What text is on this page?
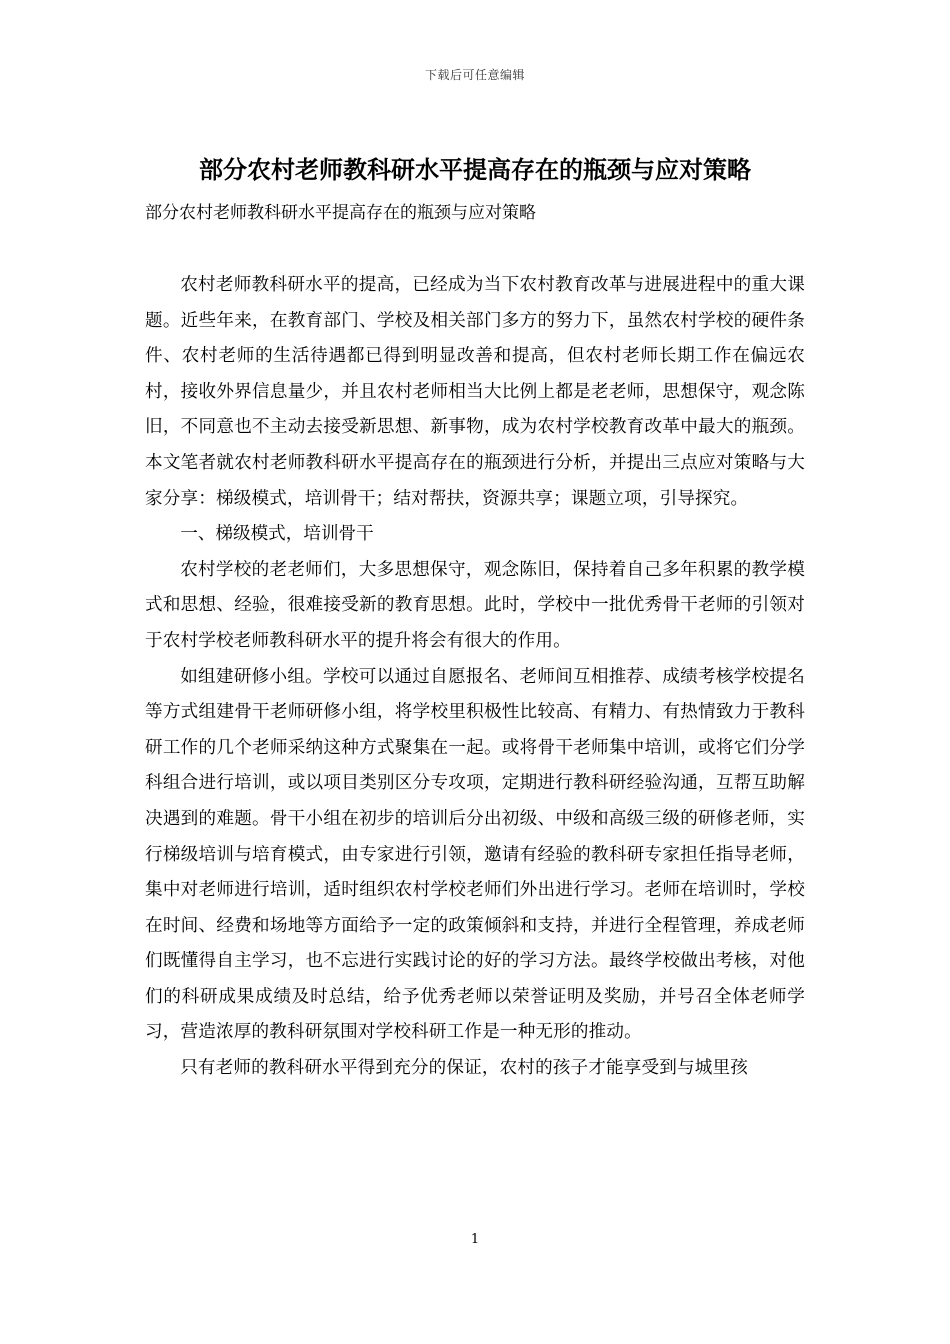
下载后可任意编辑
部分农村老师教科研水平提高存在的瓶颈与应对策略

部分农村老师教科研水平提高存在的瓶颈与应对策略

农村老师教科研水平的提高，已经成为当下农村教育改革与进展进程中的重大课题。近些年来，在教育部门、学校及相关部门多方的努力下，虽然农村学校的硬件条件、农村老师的生活待遇都已得到明显改善和提高，但农村老师长期工作在偏远农村，接收外界信息量少，并且农村老师相当大比例上都是老老师，思想保守，观念陈旧，不同意也不主动去接受新思想、新事物，成为农村学校教育改革中最大的瓶颈。本文笔者就农村老师教科研水平提高存在的瓶颈进行分析，并提出三点应对策略与大家分享：梯级模式，培训骨干；结对帮扶，资源共享；课题立项，引导探究。

一、梯级模式，培训骨干

农村学校的老老师们，大多思想保守，观念陈旧，保持着自己多年积累的教学模式和思想、经验，很难接受新的教育思想。此时，学校中一批优秀骨干老师的引领对于农村学校老师教科研水平的提升将会有很大的作用。

如组建研修小组。学校可以通过自愿报名、老师间互相推荐、成绩考核学校提名等方式组建骨干老师研修小组，将学校里积极性比较高、有精力、有热情致力于教科研工作的几个老师采纳这种方式聚集在一起。或将骨干老师集中培训，或将它们分学科组合进行培训，或以项目类别区分专攻项，定期进行教科研经验沟通，互帮互助解决遇到的难题。骨干小组在初步的培训后分出初级、中级和高级三级的研修老师，实行梯级培训与培育模式，由专家进行引领，邀请有经验的教科研专家担任指导老师，集中对老师进行培训，适时组织农村学校老师们外出进行学习。老师在培训时，学校在时间、经费和场地等方面给予一定的政策倾斜和支持，并进行全程管理，养成老师们既懂得自主学习，也不忘进行实践讨论的好的学习方法。最终学校做出考核，对他们的科研成果成绩及时总结，给予优秀老师以荣誉证明及奖励，并号召全体老师学习，营造浓厚的教科研氛围对学校科研工作是一种无形的推动。

只有老师的教科研水平得到充分的保证，农村的孩子才能享受到与城里孩

1
